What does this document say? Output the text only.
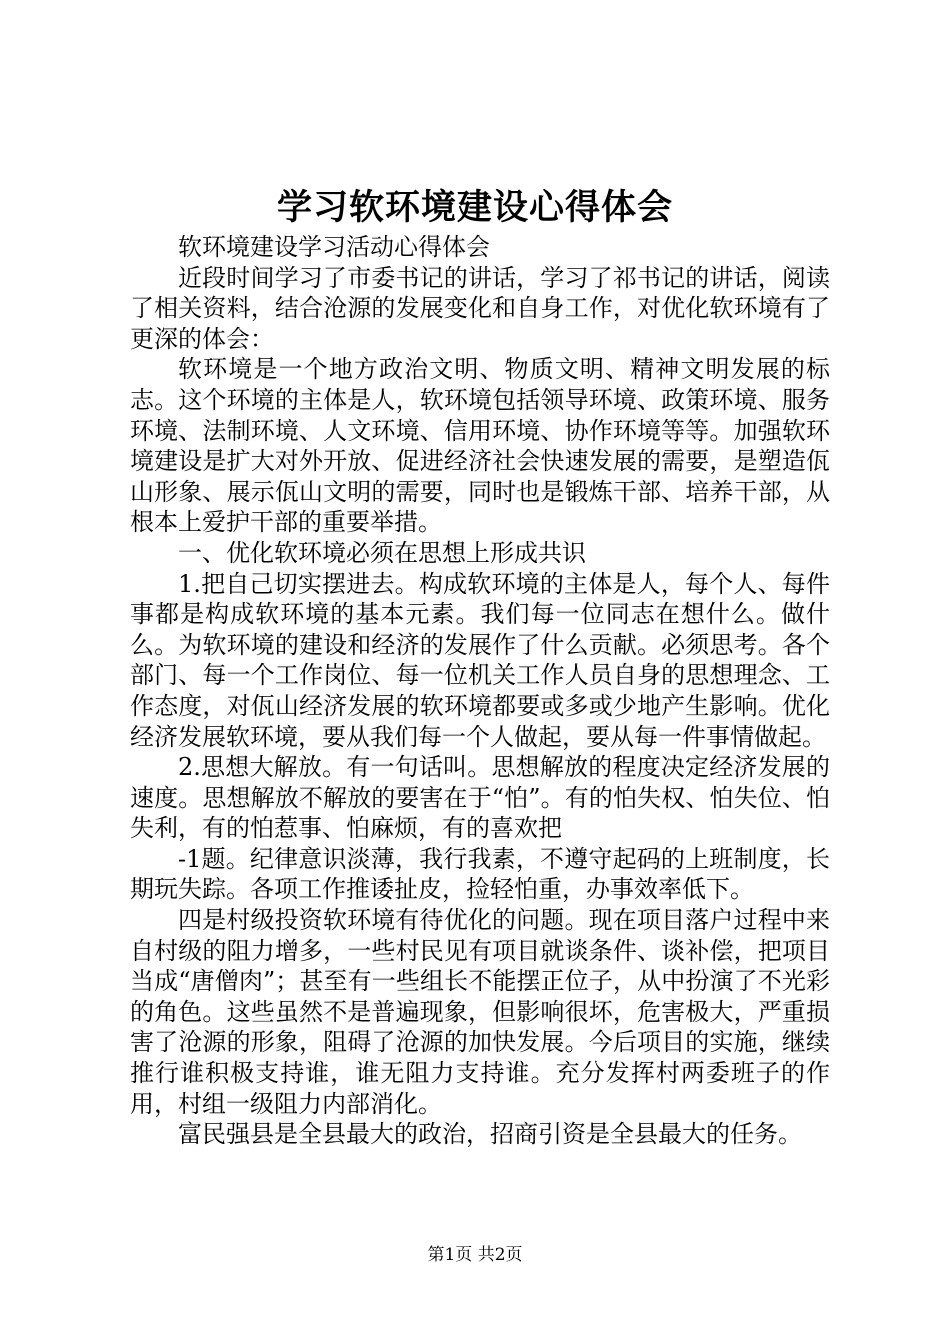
学习软环境建设心得体会

软环境建设学习活动心得体会

近段时间学习了市委书记的讲话，学习了祁书记的讲话，阅读了相关资料，结合沧源的发展变化和自身工作，对优化软环境有了更深的体会：

软环境是一个地方政治文明、物质文明、精神文明发展的标志。这个环境的主体是人，软环境包括领导环境、政策环境、服务环境、法制环境、人文环境、信用环境、协作环境等等。加强软环境建设是扩大对外开放、促进经济社会快速发展的需要，是塑造佤山形象、展示佤山文明的需要，同时也是锻炼干部、培养干部，从根本上爱护干部的重要举措。

一、优化软环境必须在思想上形成共识

1.把自己切实摆进去。构成软环境的主体是人，每个人、每件事都是构成软环境的基本元素。我们每一位同志在想什么。做什么。为软环境的建设和经济的发展作了什么贡献。必须思考。各个部门、每一个工作岗位、每一位机关工作人员自身的思想理念、工作态度，对佤山经济发展的软环境都要或多或少地产生影响。优化经济发展软环境，要从我们每一个人做起，要从每一件事情做起。

2.思想大解放。有一句话叫。思想解放的程度决定经济发展的速度。思想解放不解放的要害在于“怕”。有的怕失权、怕失位、怕失利，有的怕惹事、怕麻烦，有的喜欢把

-1题。纪律意识淡薄，我行我素，不遵守起码的上班制度，长期玩失踪。各项工作推诿扯皮，捡轻怕重，办事效率低下。

四是村级投资软环境有待优化的问题。现在项目落户过程中来自村级的阻力增多，一些村民见有项目就谈条件、谈补偿，把项目当成“唐僧肉”；甚至有一些组长不能摆正位子，从中扮演了不光彩的角色。这些虽然不是普遍现象，但影响很坏，危害极大，严重损害了沧源的形象，阻碍了沧源的加快发展。今后项目的实施，继续推行谁积极支持谁，谁无阻力支持谁。充分发挥村两委班子的作用，村组一级阻力内部消化。

富民强县是全县最大的政治，招商引资是全县最大的任务。

第1页 共2页
